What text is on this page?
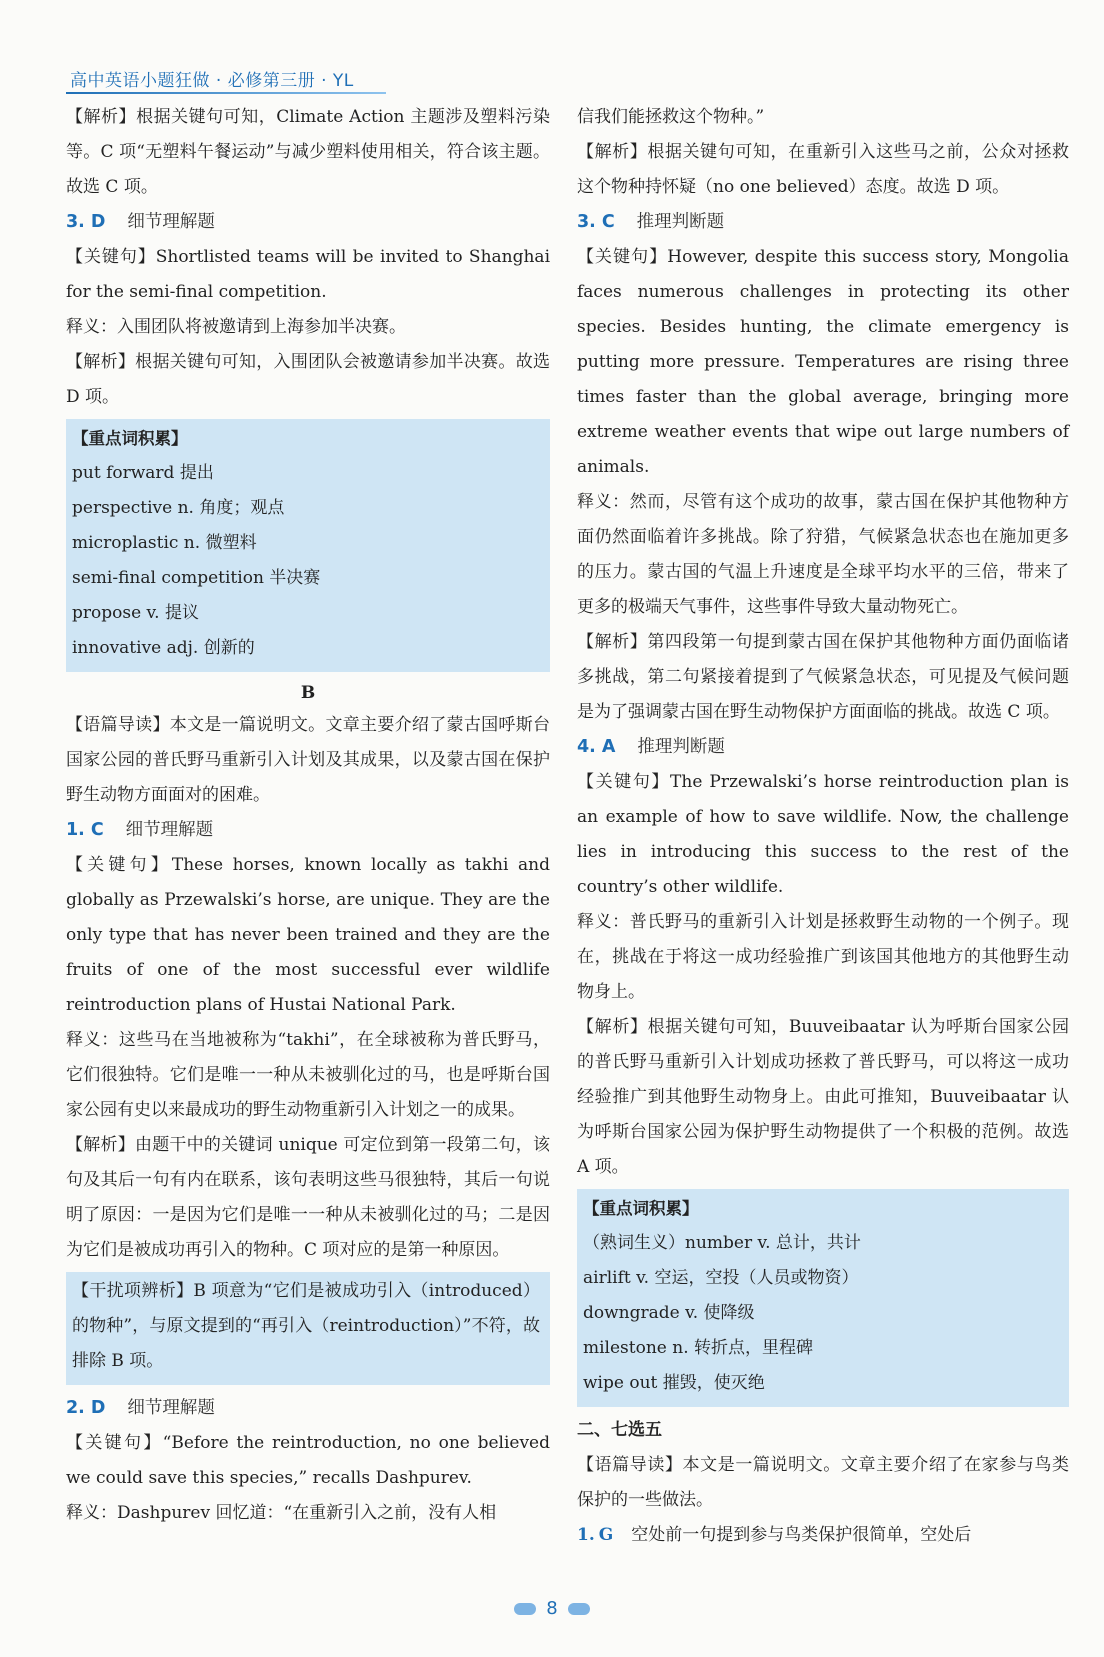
高中英语小题狂做 · 必修第三册 · YL

【解析】根据关键句可知，Climate Action 主题涉及塑料污染等。C 项“无塑料午餐运动”与减少塑料使用相关，符合该主题。故选 C 项。

3. D 细节理解题

【关键句】Shortlisted teams will be invited to Shanghai for the semi-final competition.

释义：入围团队将被邀请到上海参加半决赛。

【解析】根据关键句可知，入围团队会被邀请参加半决赛。故选 D 项。

【重点词积累】
put forward 提出
perspective n. 角度；观点
microplastic n. 微塑料
semi-final competition 半决赛
propose v. 提议
innovative adj. 创新的
B

【语篇导读】本文是一篇说明文。文章主要介绍了蒙古国呼斯台国家公园的普氏野马重新引入计划及其成果，以及蒙古国在保护野生动物方面面对的困难。

1. C 细节理解题

【关键句】These horses, known locally as takhi and globally as Przewalski’s horse, are unique. They are the only type that has never been trained and they are the fruits of one of the most successful ever wildlife reintroduction plans of Hustai National Park.

释义：这些马在当地被称为“takhi”，在全球被称为普氏野马，它们很独特。它们是唯一一种从未被驯化过的马，也是呼斯台国家公园有史以来最成功的野生动物重新引入计划之一的成果。

【解析】由题干中的关键词 unique 可定位到第一段第二句，该句及其后一句有内在联系，该句表明这些马很独特，其后一句说明了原因：一是因为它们是唯一一种从未被驯化过的马；二是因为它们是被成功再引入的物种。C 项对应的是第一种原因。

【干扰项辨析】B 项意为“它们是被成功引入（introduced）的物种”，与原文提到的“再引入（reintroduction）”不符，故排除 B 项。

2. D 细节理解题

【关键句】“Before the reintroduction, no one believed we could save this species,” recalls Dashpurev.

释义：Dashpurev 回忆道：“在重新引入之前，没有人相

信我们能拯救这个物种。”

【解析】根据关键句可知，在重新引入这些马之前，公众对拯救这个物种持怀疑（no one believed）态度。故选 D 项。

3. C 推理判断题

【关键句】However, despite this success story, Mongolia faces numerous challenges in protecting its other species. Besides hunting, the climate emergency is putting more pressure. Temperatures are rising three times faster than the global average, bringing more extreme weather events that wipe out large numbers of animals.

释义：然而，尽管有这个成功的故事，蒙古国在保护其他物种方面仍然面临着许多挑战。除了狩猎，气候紧急状态也在施加更多的压力。蒙古国的气温上升速度是全球平均水平的三倍，带来了更多的极端天气事件，这些事件导致大量动物死亡。

【解析】第四段第一句提到蒙古国在保护其他物种方面仍面临诸多挑战，第二句紧接着提到了气候紧急状态，可见提及气候问题是为了强调蒙古国在野生动物保护方面面临的挑战。故选 C 项。

4. A 推理判断题

【关键句】The Przewalski’s horse reintroduction plan is an example of how to save wildlife. Now, the challenge lies in introducing this success to the rest of the country’s other wildlife.

释义：普氏野马的重新引入计划是拯救野生动物的一个例子。现在，挑战在于将这一成功经验推广到该国其他地方的其他野生动物身上。

【解析】根据关键句可知，Buuveibaatar 认为呼斯台国家公园的普氏野马重新引入计划成功拯救了普氏野马，可以将这一成功经验推广到其他野生动物身上。由此可推知，Buuveibaatar 认为呼斯台国家公园为保护野生动物提供了一个积极的范例。故选 A 项。

【重点词积累】
（熟词生义）number v. 总计，共计
airlift v. 空运，空投（人员或物资）
downgrade v. 使降级
milestone n. 转折点，里程碑
wipe out 摧毁，使灭绝
二、七选五

【语篇导读】本文是一篇说明文。文章主要介绍了在家参与鸟类保护的一些做法。

1. G 空处前一句提到参与鸟类保护很简单，空处后
8
